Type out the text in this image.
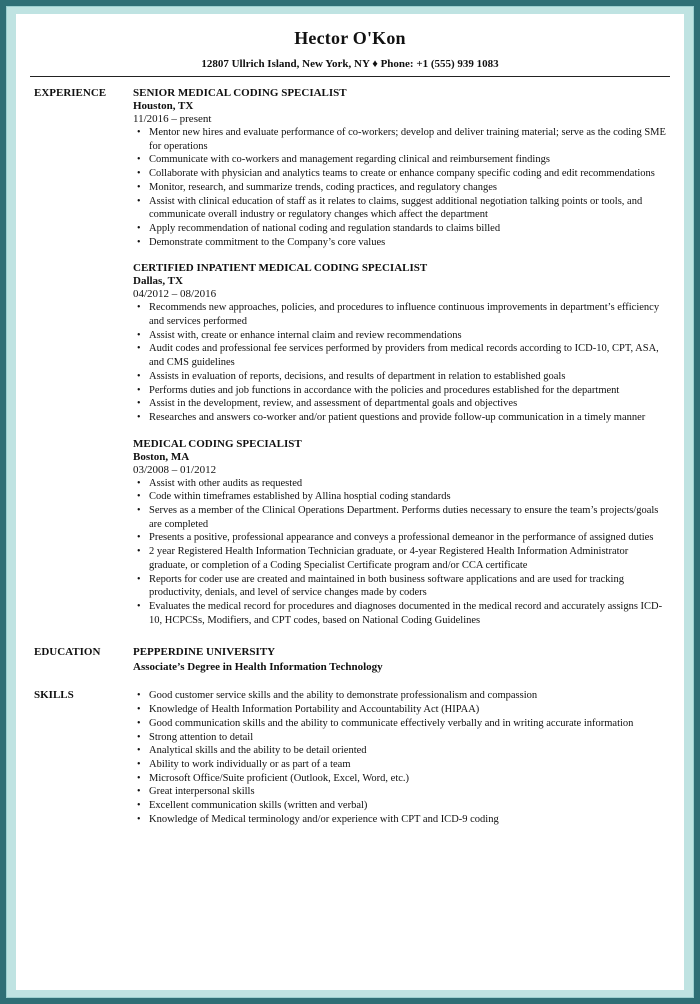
Hector O'Kon
12807 Ullrich Island, New York, NY ♦ Phone: +1 (555) 939 1083
EXPERIENCE	SENIOR MEDICAL CODING SPECIALIST
Houston, TX
11/2016 – present
• Mentor new hires and evaluate performance of co-workers; develop and deliver training material; serve as the coding SME for operations
• Communicate with co-workers and management regarding clinical and reimbursement findings
• Collaborate with physician and analytics teams to create or enhance company specific coding and edit recommendations
• Monitor, research, and summarize trends, coding practices, and regulatory changes
• Assist with clinical education of staff as it relates to claims, suggest additional negotiation talking points or tools, and communicate overall industry or regulatory changes which affect the department
• Apply recommendation of national coding and regulation standards to claims billed
• Demonstrate commitment to the Company’s core values
CERTIFIED INPATIENT MEDICAL CODING SPECIALIST
Dallas, TX
04/2012 – 08/2016
• Recommends new approaches, policies, and procedures to influence continuous improvements in department’s efficiency and services performed
• Assist with, create or enhance internal claim and review recommendations
• Audit codes and professional fee services performed by providers from medical records according to ICD-10, CPT, ASA, and CMS guidelines
• Assists in evaluation of reports, decisions, and results of department in relation to established goals
• Performs duties and job functions in accordance with the policies and procedures established for the department
• Assist in the development, review, and assessment of departmental goals and objectives
• Researches and answers co-worker and/or patient questions and provide follow-up communication in a timely manner
MEDICAL CODING SPECIALIST
Boston, MA
03/2008 – 01/2012
• Assist with other audits as requested
• Code within timeframes established by Allina hosptial coding standards
• Serves as a member of the Clinical Operations Department. Performs duties necessary to ensure the team’s projects/goals are completed
• Presents a positive, professional appearance and conveys a professional demeanor in the performance of assigned duties
• 2 year Registered Health Information Technician graduate, or 4-year Registered Health Information Administrator graduate, or completion of a Coding Specialist Certificate program and/or CCA certificate
• Reports for coder use are created and maintained in both business software applications and are used for tracking productivity, denials, and level of service changes made by coders
• Evaluates the medical record for procedures and diagnoses documented in the medical record and accurately assigns ICD-10, HCPCSs, Modifiers, and CPT codes, based on National Coding Guidelines
EDUCATION	PEPPERDINE UNIVERSITY
Associate’s Degree in Health Information Technology
SKILLS
•	Good customer service skills and the ability to demonstrate professionalism and compassion
• Knowledge of Health Information Portability and Accountability Act (HIPAA)
• Good communication skills and the ability to communicate effectively verbally and in writing accurate information
• Strong attention to detail
• Analytical skills and the ability to be detail oriented
• Ability to work individually or as part of a team
• Microsoft Office/Suite proficient (Outlook, Excel, Word, etc.)
• Great interpersonal skills
• Excellent communication skills (written and verbal)
• Knowledge of Medical terminology and/or experience with CPT and ICD-9 coding
